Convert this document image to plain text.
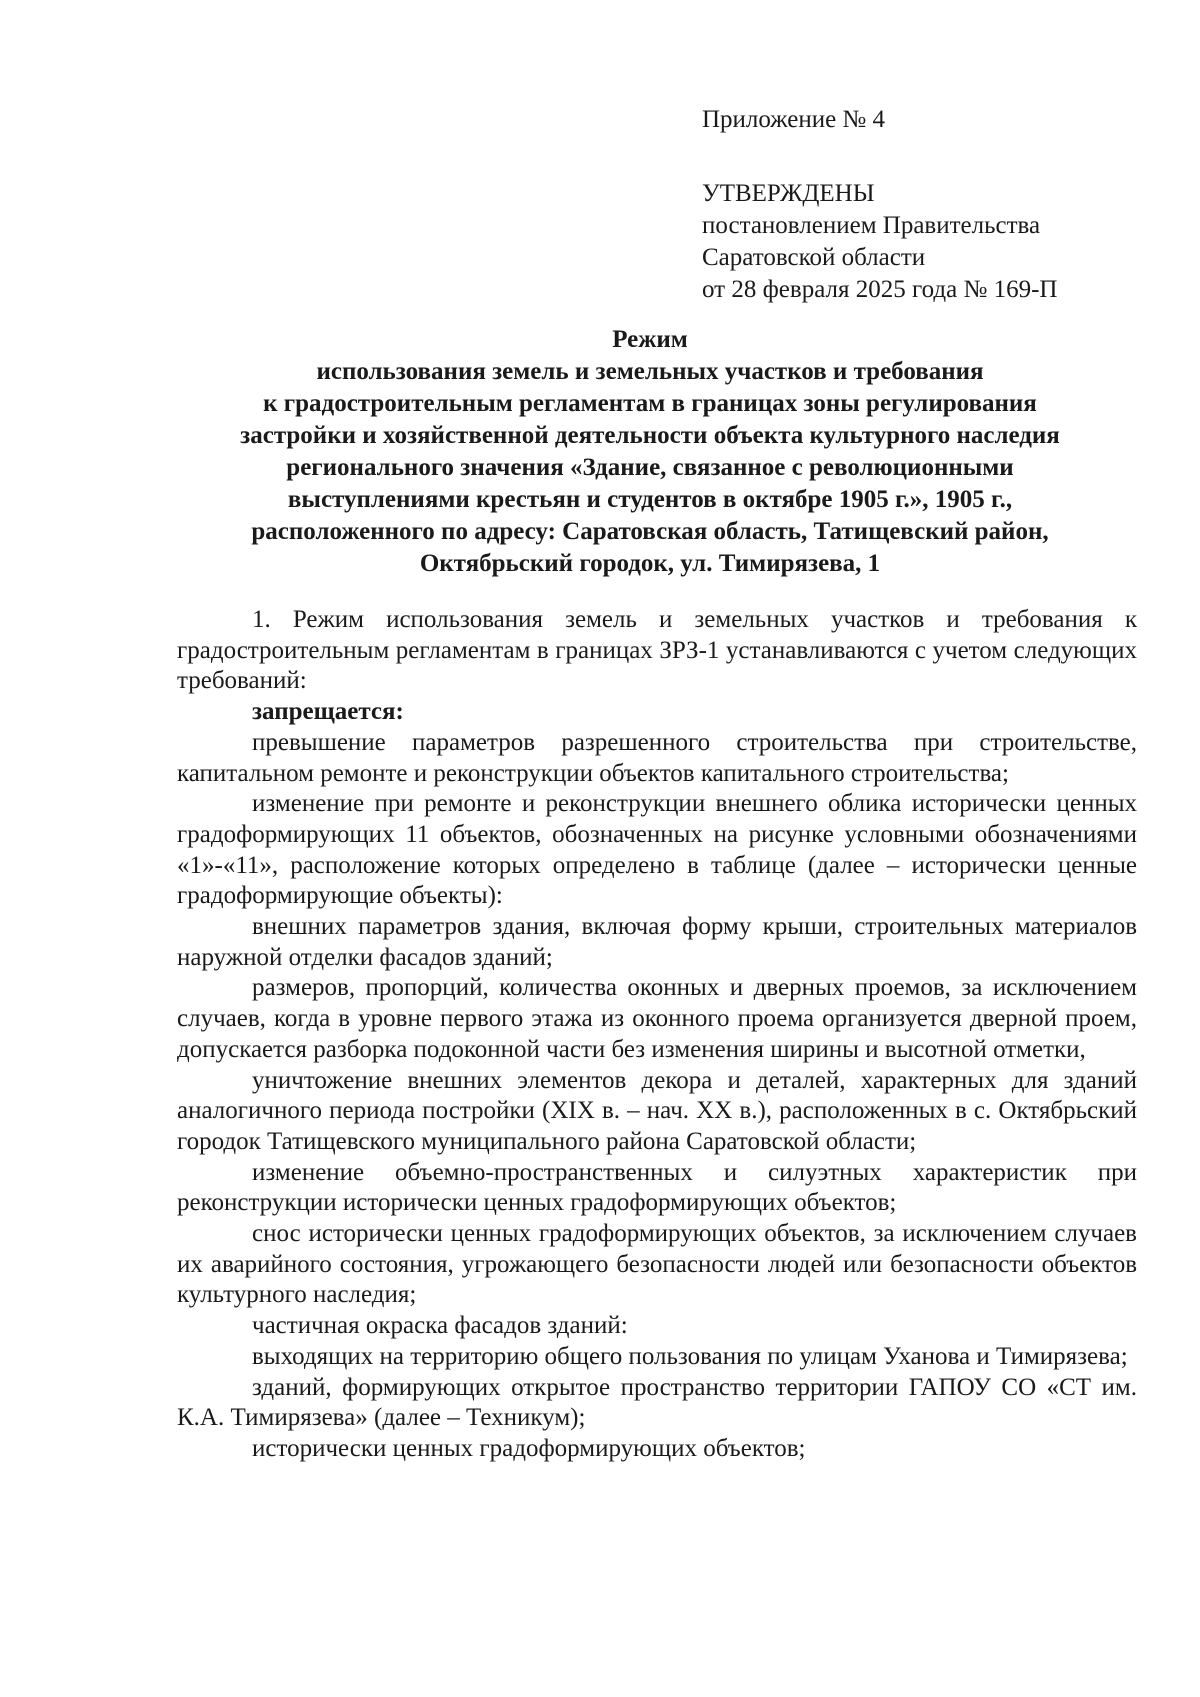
Приложение № 4
УТВЕРЖДЕНЫ
постановлением Правительства
Саратовской области
от 28 февраля 2025 года № 169-П
Режим
использования земель и земельных участков и требования
к градостроительным регламентам в границах зоны регулирования
застройки и хозяйственной деятельности объекта культурного наследия
регионального значения «Здание, связанное с революционными
выступлениями крестьян и студентов в октябре 1905 г.», 1905 г.,
расположенного по адресу: Саратовская область, Татищевский район,
Октябрьский городок, ул. Тимирязева, 1

1. Режим использования земель и земельных участков и требования к градостроительным регламентам в границах ЗРЗ-1 устанавливаются с учетом следующих требований:

запрещается:

превышение параметров разрешенного строительства при строительстве, капитальном ремонте и реконструкции объектов капитального строительства;

изменение при ремонте и реконструкции внешнего облика исторически ценных градоформирующих 11 объектов, обозначенных на рисунке условными обозначениями «1»-«11», расположение которых определено в таблице (далее – исторически ценные градоформирующие объекты):

внешних параметров здания, включая форму крыши, строительных материалов наружной отделки фасадов зданий;

размеров, пропорций, количества оконных и дверных проемов, за исключением случаев, когда в уровне первого этажа из оконного проема организуется дверной проем, допускается разборка подоконной части без изменения ширины и высотной отметки,

уничтожение внешних элементов декора и деталей, характерных для зданий аналогичного периода постройки (XIX в. – нач. XX в.), расположенных в с. Октябрьский городок Татищевского муниципального района Саратовской области;

изменение объемно-пространственных и силуэтных характеристик при реконструкции исторически ценных градоформирующих объектов;

снос исторически ценных градоформирующих объектов, за исключением случаев их аварийного состояния, угрожающего безопасности людей или безопасности объектов культурного наследия;

частичная окраска фасадов зданий:

выходящих на территорию общего пользования по улицам Уханова и Тимирязева;

зданий, формирующих открытое пространство территории ГАПОУ СО «СТ им. К.А. Тимирязева» (далее – Техникум);

исторически ценных градоформирующих объектов;
